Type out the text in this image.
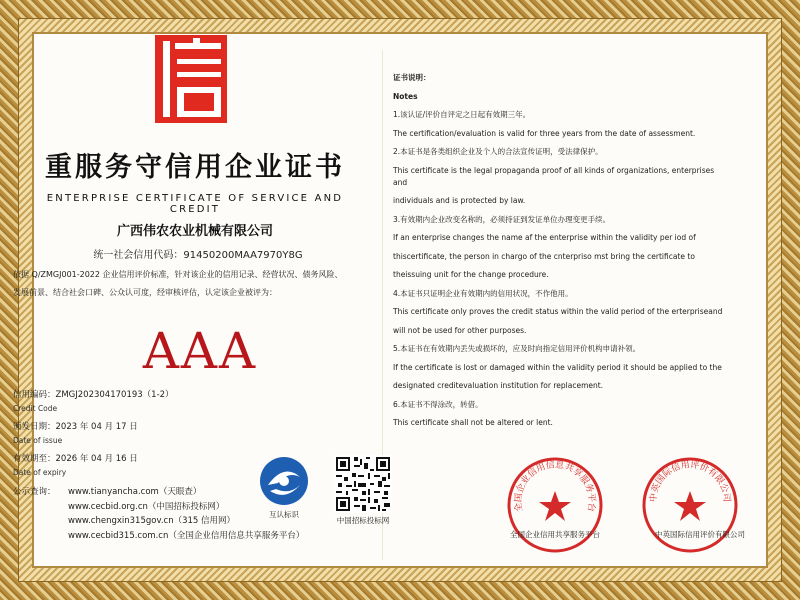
重服务守信用企业证书
ENTERPRISE CERTIFICATE OF SERVICE AND CREDIT
广西伟农农业机械有限公司
统一社会信用代码：91450200MAA7970Y8G
依据 Q/ZMGJ001-2022 企业信用评价标准，针对该企业的信用记录、经营状况、债务风险、
发展前景、结合社会口碑、公众认可度，经审核评估，认定该企业被评为：
AAA
信用编码：ZMGJ202304170193（1-2）
Credit Code
颁发日期：2023 年 04 月 17 日
Date of issue
有效期至：2026 年 04 月 16 日
Date of expiry
公示查询：	www.tianyancha.com（天眼查）
www.cecbid.org.cn（中国招标投标网）
www.chengxin315gov.cn（315 信用网）
www.cecbid315.com.cn（全国企业信用信息共享服务平台）
互认标识
中国招标投标网

证书说明：

Notes

1.该认证/评价自评定之日起有效期三年。

The certification/evaluation is valid for three years from the date of assessment.

2.本证书是各类组织企业及个人的合法宣传证明，受法律保护。

This certificate is the legal propaganda proof of all kinds of organizations, enterprises and

individuals and is protected by law.

3.有效期内企业改变名称的，必须持证到发证单位办理变更手续。

If an enterprise changes the name af the enterprise within the validity per iod of

thiscertificate, the person in chargo of the cnterpriso mst bring the certificate to

theissuing unit for the change procedure.

4.本证书只证明企业有效期内的信用状况，不作他用。

This certificate only proves the credit status within the valid period of the erterpriseand

will not be used for other purposes.

5.本证书在有效期内丢失或损坏的，应及时向指定信用评价机构申请补领。

If the certificate is lost or damaged within the validity period it should be applied to the

designated creditevaluation institution for replacement.

6.本证书不得涂改，转借。

This certificate shall not be altered or lent.

全国企业信用信息共享服务平台
全国企业信用共享服务平台
中英国际信用评价有限公司
中英国际信用评价有限公司
